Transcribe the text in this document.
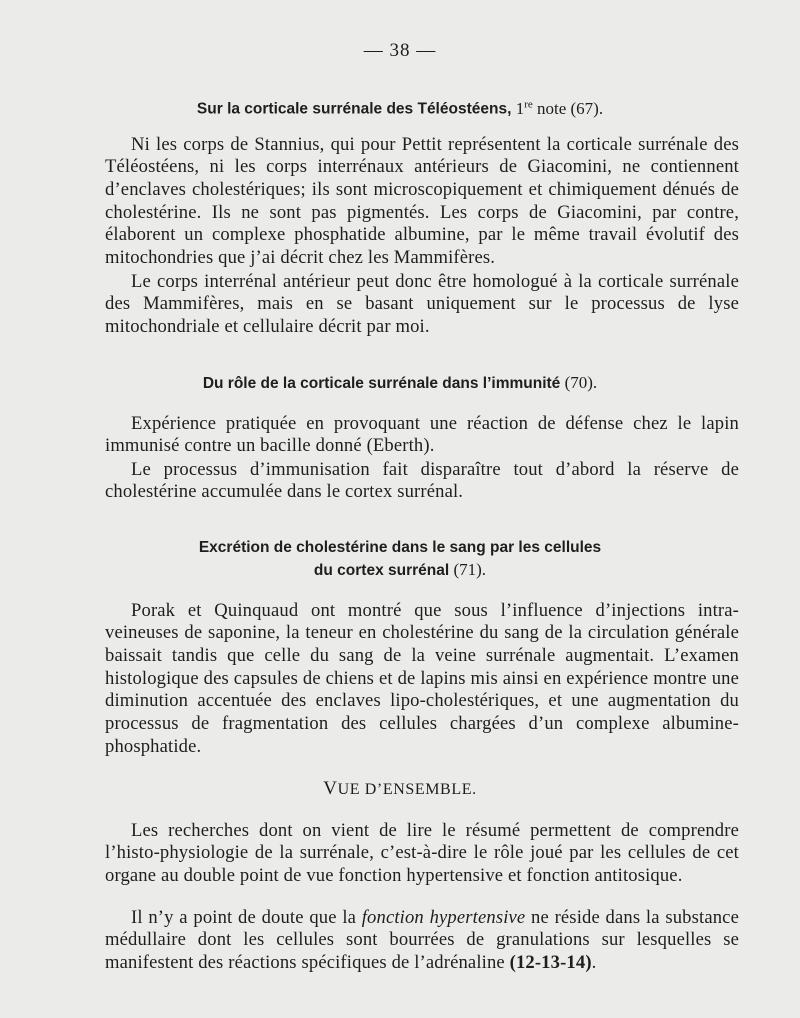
— 38 —
Sur la corticale surrénale des Téléostéens, 1re note (67).

Ni les corps de Stannius, qui pour Pettit représentent la corticale surrénale des Téléostéens, ni les corps interrénaux antérieurs de Giacomini, ne contiennent d’enclaves cholestériques; ils sont microscopiquement et chimiquement dénués de cholestérine. Ils ne sont pas pigmentés. Les corps de Giacomini, par contre, élaborent un complexe phosphatide albumine, par le même travail évolutif des mitochondries que j’ai décrit chez les Mammifères.

Le corps interrénal antérieur peut donc être homologué à la corticale surrénale des Mammifères, mais en se basant uniquement sur le processus de lyse mitochondriale et cellulaire décrit par moi.

Du rôle de la corticale surrénale dans l’immunité (70).

Expérience pratiquée en provoquant une réaction de défense chez le lapin immunisé contre un bacille donné (Eberth).

Le processus d’immunisation fait disparaître tout d’abord la réserve de cholestérine accumulée dans le cortex surrénal.

Excrétion de cholestérine dans le sang par les cellules
du cortex surrénal (71).

Porak et Quinquaud ont montré que sous l’influence d’injections intra-veineuses de saponine, la teneur en cholestérine du sang de la circulation générale baissait tandis que celle du sang de la veine surrénale augmentait. L’examen histologique des capsules de chiens et de lapins mis ainsi en expérience montre une diminution accentuée des enclaves lipo-cholestériques, et une augmentation du processus de fragmentation des cellules chargées d’un complexe albumine-phosphatide.

VUE D’ENSEMBLE.

Les recherches dont on vient de lire le résumé permettent de comprendre l’histo-physiologie de la surrénale, c’est-à-dire le rôle joué par les cellules de cet organe au double point de vue fonction hypertensive et fonction antitosique.

Il n’y a point de doute que la fonction hypertensive ne réside dans la substance médullaire dont les cellules sont bourrées de granulations sur lesquelles se manifestent des réactions spécifiques de l’adrénaline (12-13-14).
